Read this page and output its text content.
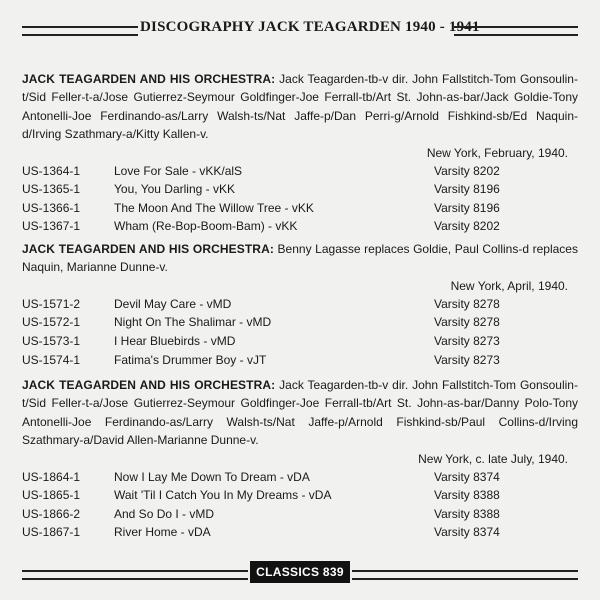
DISCOGRAPHY JACK TEAGARDEN 1940 - 1941
JACK TEAGARDEN AND HIS ORCHESTRA: Jack Teagarden-tb-v dir. John Fallstitch-Tom Gonsoulin-t/Sid Feller-t-a/Jose Gutierrez-Seymour Goldfinger-Joe Ferrall-tb/Art St. John-as-bar/Jack Goldie-Tony Antonelli-Joe Ferdinando-as/Larry Walsh-ts/Nat Jaffe-p/Dan Perri-g/Arnold Fishkind-sb/Ed Naquin-d/Irving Szathmary-a/Kitty Kallen-v.
New York, February, 1940.
US-1364-1	Love For Sale - vKK/alS	Varsity 8202
US-1365-1	You, You Darling - vKK	Varsity 8196
US-1366-1	The Moon And The Willow Tree - vKK	Varsity 8196
US-1367-1	Wham (Re-Bop-Boom-Bam) - vKK	Varsity 8202
JACK TEAGARDEN AND HIS ORCHESTRA: Benny Lagasse replaces Goldie, Paul Collins-d replaces Naquin, Marianne Dunne-v.
New York, April, 1940.
US-1571-2	Devil May Care - vMD	Varsity 8278
US-1572-1	Night On The Shalimar - vMD	Varsity 8278
US-1573-1	I Hear Bluebirds - vMD	Varsity 8273
US-1574-1	Fatima's Drummer Boy - vJT	Varsity 8273
JACK TEAGARDEN AND HIS ORCHESTRA: Jack Teagarden-tb-v dir. John Fallstitch-Tom Gonsoulin-t/Sid Feller-t-a/Jose Gutierrez-Seymour Goldfinger-Joe Ferrall-tb/Art St. John-as-bar/Danny Polo-Tony Antonelli-Joe Ferdinando-as/Larry Walsh-ts/Nat Jaffe-p/Arnold Fishkind-sb/Paul Collins-d/Irving Szathmary-a/David Allen-Marianne Dunne-v.
New York, c. late July, 1940.
US-1864-1	Now I Lay Me Down To Dream - vDA	Varsity 8374
US-1865-1	Wait 'Til I Catch You In My Dreams - vDA	Varsity 8388
US-1866-2	And So Do I - vMD	Varsity 8388
US-1867-1	River Home - vDA	Varsity 8374
CLASSICS 839
